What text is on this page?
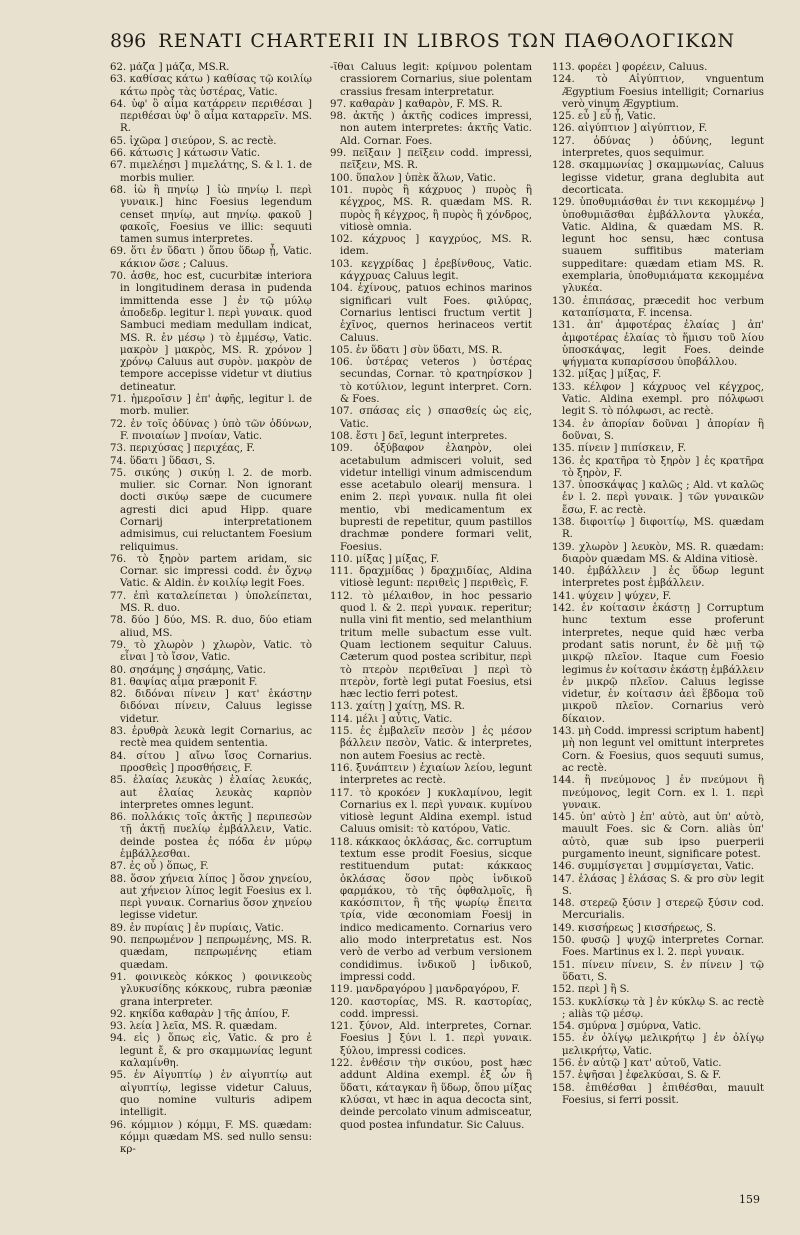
896 RENATI CHARTERII IN LIBROS ΤΩΝ ΠΑΘΟΛΟΓΙΚΩΝ

62. μάζα ] μάζα, MS.R.

63. καθίσας κάτω ) καθίσας τῷ κοιλίῳ κάτω πρὸς τὰς ὑστέρας, Vatic.

64. ὑφ' ὃ αἷμα κατάρρειν περιθέσαι ] περιθέσαι ὑφ' ὃ αἷμα καταρρεῖν. MS. R.

65. ἰχῶρα ] σιεύρον, S. ac rectè.

66. κάτωσις ] κάτωσιν Vatic.

67. πιμελέῃσι ] πιμελάτης, S. & l. 1. de morbis mulier.

68. ἰὼ ἢ πηνίῳ ] ἰὼ πηνίῳ l. περὶ γυναικ.] hinc Foesius legendum censet πηνίῳ, aut πηνίῳ. φακοῦ ] φακοῖς, Foesius ve illic: sequuti tamen sumus interpretes.

69. ὅτι ἐν ὕδατι ) ὅπου ὕδωρ ᾖ, Vatic. κάκιον ὥσε ; Caluus.

70. ἀσθε, hoc est, cucurbitæ interiora in longitudinem derasa in pudenda immittenda esse ] ἐν τῷ μύλῳ ἀποδεδρ. legitur l. περὶ γυναικ. quod Sambuci mediam medullam indicat, MS. R. ἐν μέσῳ ) τὸ ἐμμέσῳ, Vatic. μακρὸν ] μακρὸς, MS. R. χρόνον ] χρόνῳ Caluus aut συρὸν. μακρὸν de tempore accepisse videtur vt diutius detineatur.

71. ἡμεροῖσιν ] ἐπ' ἀφῆς, legitur l. de morb. mulier.

72. ἐν τοῖς ὀδύνας ) ὑπὸ τῶν ὀδύνων, F. πνοιαίων ] πνοίαν, Vatic.

73. περιχύσας ] περιχέας, F.

74. ὕδατι ] ὕδασι, S.

75. σικύης ) σικύῃ l. 2. de morb. mulier. sic Cornar. Non ignorant docti σικύῳ sæpe de cucumere agresti dici apud Hipp. quare Cornarij interpretationem admisimus, cui reluctantem Foesium reliquimus.

76. τὸ ξηρὸν partem aridam, sic Cornar. sic impressi codd. ἐν ὄχνῳ Vatic. & Aldin. ἐν κοιλίῳ legit Foes.

77. ἐπὶ καταλείπεται ) ὑπολείπεται, MS. R. duo.

78. δύο ] δύο, MS. R. duo, δύο etiam aliud, MS.

79. τὸ χλωρὸν ) χλωρὸν, Vatic. τὸ εἶναι ] τὸ ἴσον, Vatic.

80. σησάμης ) σησάμης, Vatic.

81. θαψίας αἷμα præponit F.

82. διδόναι πίνειν ] κατ' ἑκάστην διδόναι πίνειν, Caluus legisse videtur.

83. ἐρυθρὰ λευκὰ legit Cornarius, ac rectè mea quidem sententia.

84. σίτου ] αἴνω ἴσος Cornarius. προσθεὶς ] προσθήσεις, F.

85. ἐλαίας λευκὰς ) ἐλαίας λευκάς, aut ἐλαίας λευκὰς καρπὸν interpretes omnes legunt.

86. πολλάκις τοῖς ἀκτῆς ] περιπεσὼν τῇ ἀκτῇ πυελίῳ ἐμβάλλειν, Vatic. deinde postea ἐς πόδα ἐν μύρῳ ἐμβάλλεσθαι.

87. ἐς οὖ ) ὅπως, F.

88. ὅσον χήνεια λίπος ] ὅσον χηνείου, aut χήνειον λίπος legit Foesius ex l. περὶ γυναικ. Cornarius ὅσον χηνείου legisse videtur.

89. ἐν πυρίαις ] ἐν πυρίαις, Vatic.

90. πεπρωμένον ] πεπρωμένης, MS. R. quædam, πεπρωμένης etiam quædam.

91. φοινικεὸς κόκκος ) φοινικεοὺς γλυκυσίδης κόκκους, rubra pæoniæ grana interpreter.

92. κηκίδα καθαρὰν ] τῆς ἀπίου, F.

93. λεία ] λεῖα, MS. R. quædam.

94. εἰς ) ὅπως εἰς, Vatic. & pro ἐ legunt ἔ, & pro σκαμμωνίας legunt καλαμίνθη.

95. ἐν Αἰγυπτίῳ ) ἐν αἰγυπτίῳ aut αἰγυπτίῳ, legisse videtur Caluus, quo nomine vulturis adipem intelligit.

96. κόμμιον ) κόμμι, F. MS. quædam: κόμμι quædam MS. sed nullo sensu: κρ-

-ῖθαι Caluus legit: κρίμνου polentam crassiorem Cornarius, siue polentam crassius fresam interpretatur.

97. καθαρὰν ] καθαρὸν, F. MS. R.

98. ἀκτῆς ) ἀκτῆς codices impressi, non autem interpretes: ἀκτῆς Vatic. Ald. Cornar. Foes.

99. πεῖξαιν ] πεῖξειν codd. impressi, πεῖξειν, MS. R.

100. ὕπαλον ] ὑπὲκ ἅλων, Vatic.

101. πυρὸς ἢ κάχρυος ) πυρὸς ἢ κέγχρος, MS. R. quædam MS. R. πυρὸς ἢ κέγχρος, ἢ πυρὸς ἢ χόνδρος, vitiosè omnia.

102. κάχρυος ] καγχρύος, MS. R. idem.

103. κεγχρίδας ] ἐρεβίνθους, Vatic. κάγχρυας Caluus legit.

104. ἐχίνους, patuos echinos marinos significari vult Foes. φιλύρας, Cornarius lentisci fructum vertit ] ἐχῖνος, quernos herinaceos vertit Caluus.

105. ἐν ὕδατι ] σὺν ὕδατι, MS. R.

106. ὑστέρας veteros ) ὑστέρας secundas, Cornar. τὸ κρατηρίσκον ] τὸ κοτύλιον, legunt interpret. Corn. & Foes.

107. σπάσας εἰς ) σπασθείς ὡς εἰς, Vatic.

108. ἔστι ] δεῖ, legunt interpretes.

109. ὀξύβαφον ἐλαηρὸν, olei acetabulum admisceri voluit, sed videtur intelligi vinum admiscendum esse acetabulo olearij mensura. l enim 2. περὶ γυναικ. nulla fit olei mentio, vbi medicamentum ex bupresti de repetitur, quum pastillos drachmæ pondere formari velit, Foesius.

110. μίξας ] μίξας, F.

111. δραχμίδας ) δραχμιδίας, Aldina vitiosè legunt: περιθεὶς ] περιθεὶς, F.

112. τὸ μέλαιθον, in hoc pessario quod l. & 2. περὶ γυναικ. reperitur; nulla vini fit mentio, sed melanthium tritum melle subactum esse vult. Quam lectionem sequitur Caluus. Cæterum quod postea scribitur, περὶ τὸ πτερὸν περιθεῖναι ] περὶ τὸ πτερὸν, fortè legi putat Foesius, etsi hæc lectio ferri potest.

113. χαίτῃ ] χαίτῃ, MS. R.

114. μέλι ] αὖτις, Vatic.

115. ἐς ἐμβαλεῖν πεσὸν ] ἐς μέσον βάλλειν πεσὸν, Vatic. & interpretes, non autem Foesius ac rectè.

116. ξυνάπτειν ) ἐχιαίων λείου, legunt interpretes ac rectè.

117. τὸ κροκόεν ] κυκλαμίνου, legit Cornarius ex l. περὶ γυναικ. κυμίνου vitiosè legunt Aldina exempl. istud Caluus omisit: τὸ κατόρου, Vatic.

118. κάκκαος ὀκλάσας, &c. corruptum textum esse prodit Foesius, sicque restituendum putat: κάκκαος ὀκλάσας ὅσον πρὸς ἰνδικοῦ φαρμάκου, τὸ τῆς ὀφθαλμοῖς, ἢ κακόσπιτον, ἢ τῆς ψωρίῳ ἔπειτα τρία, vide œconomiam Foesij in indico medicamento. Cornarius vero alio modo interpretatus est. Nos verò de verbo ad verbum versionem condidimus. ἰνδικοῦ ] ἰνδικοῦ, impressi codd.

119. μανδραγόρου ] μανδραγόρου, F.

120. καστορίας, MS. R. καστορίας, codd. impressi.

121. ξύνον, Ald. interpretes, Cornar. Foesius ] ξύνι l. 1. περὶ γυναικ. ξύλου, impressi codices.

122. ἐνθέσιν τὴν σικύου, post hæc addunt Aldina exempl. ἐξ ὧν ἢ ὕδατι, κάταγκαν ἢ ὕδωρ, ὅπου μίξας κλύσαι, vt hæc in aqua decocta sint, deinde percolato vinum admisceatur, quod postea infundatur. Sic Caluus.

113. φορέει ] φορέειν, Caluus.

124. τὸ Αἰγύπτιον, vnguentum Ægyptium Foesius intelligit; Cornarius verò vinum Ægyptium.

125. εὖ ] εὖ ᾖ, Vatic.

126. αἰγύπτιον ] αἰγύπτιον, F.

127. ὀδύνας ) ὀδύνης, legunt interpretes, quos sequimur.

128. σκαμμωνίας ] σκαμμωνίας, Caluus legisse videtur, grana deglubita aut decorticata.

129. ὑποθυμιάσθαι ἐν τινι κεκομμένῳ ] ὑποθυμιᾶσθαι ἐμβάλλοντα γλυκέα, Vatic. Aldina, & quædam MS. R. legunt hoc sensu, hæc contusa suauem suffitibus materiam suppeditare: quædam etiam MS. R. exemplaria, ὑποθυμιάματα κεκομμένα γλυκέα.

130. ἐπιπάσας, præcedit hoc verbum καταπίσματα, F. incensa.

131. ἀπ' ἀμφοτέρας ἐλαίας ] ἀπ' ἀμφοτέρας ἐλαίας τὸ ἥμισυ τοῦ λίου ὑποσκάψας, legit Foes. deinde ψήγματα κυπαρίσσου ὑποβάλλου.

132. μίξας ] μίξας, F.

133. κέλφον ] κάχρυος vel κέγχρος, Vatic. Aldina exempl. pro πόλφωσι legit S. τὸ πόλφωσι, ac rectè.

134. ἐν ἀπορίαν δοῦναι ] ἀπορίαν ἢ δοῦναι, S.

135. πίνειν ] πιπίσκειν, F.

136. ἐς κρατῆρα τὸ ξηρὸν ] ἐς κρατῆρα τὸ ξηρὸν, F.

137. ὑποσκάψας ] καλῶς ; Ald. vt καλῶς ἐν l. 2. περὶ γυναικ. ] τῶν γυναικῶν ἔσω, F. ac rectè.

138. διφοιτίῳ ] διφοιτίῳ, MS. quædam R.

139. χλωρὸν ] λευκὸν, MS. R. quædam: διαρὸν quædam MS. & Aldina vitiosè.

140. ἐμβάλλειν ] ἐς ὕδωρ legunt interpretes post ἐμβάλλειν.

141. ψύχειν ] ψύχεν, F.

142. ἐν κοίτασιν ἑκάστῃ ] Corruptum hunc textum esse proferunt interpretes, neque quid hæc verba prodant satis norunt, ἐν δὲ μιῇ τῷ μικρῷ πλεῖον. Itaque cum Foesio legimus ἐν κοίτασιν ἑκάστῃ ἐμβάλλειν ἐν μικρῷ πλεῖον. Caluus legisse videtur, ἐν κοίτασιν ἀεὶ ἕβδομα τοῦ μικροῦ πλεῖον. Cornarius verò δίκαιον.

143. μὴ Codd. impressi scriptum habent] μὴ non legunt vel omittunt interpretes Corn. & Foesius, quos sequuti sumus, ac rectè.

144. ἢ πνεύμονος ] ἐν πνεύμονι ἢ πνεύμονος, legit Corn. ex l. 1. περὶ γυναικ.

145. ὑπ' αὐτὸ ] ἐπ' αὐτὸ, aut ὑπ' αὐτὸ, mauult Foes. sic & Corn. aliàs ὑπ' αὐτὸ, quæ sub ipso puerperii purgamento ineunt, significare potest.

146. συμμίσγεται ] συμμίσγεται, Vatic.

147. ἐλάσας ] ἐλάσας S. & pro σὺν legit S.

148. στερεῷ ξύσιν ] στερεῷ ξύσιν cod. Mercurialis.

149. κισσήρεως ] κισσήρεως, S.

150. φυσῷ ] ψυχῷ interpretes Cornar. Foes. Martinus ex l. 2. περὶ γυναικ.

151. πίνειν πίνειν, S. ἐν πίνειν ] τῷ ὕδατι, S.

152. περὶ ] ἢ S.

153. κυκλίσκῳ τὰ ] ἐν κύκλῳ S. ac rectè ; aliàs τῷ μέσῳ.

154. σμύρνα ] σμύρνα, Vatic.

155. ἐν ὀλίγῳ μελικρήτῳ ] ἐν ὀλίγῳ μελικρήτῳ, Vatic.

156. ἐν αὐτῷ ] κατ' αὐτοῦ, Vatic.

157. ἐψῆσαι ] ἐφελκύσαι, S. & F.

158. ἐπιθέσθαι ] ἐπιθέσθαι, mauult Foesius, si ferri possit.

159
